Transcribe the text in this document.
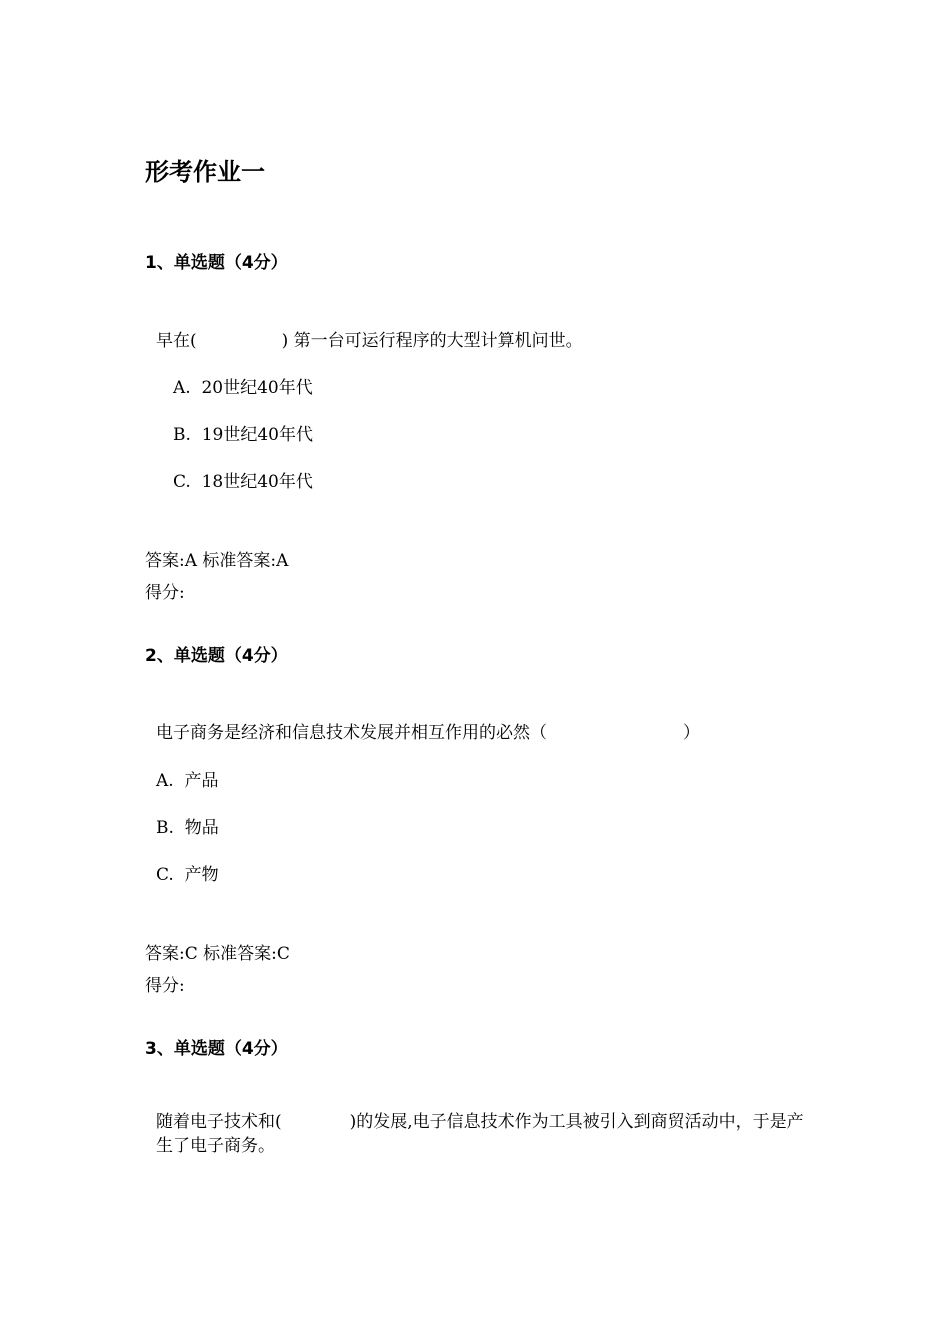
形考作业一
1、单选题（4分）
早在(　　　　　) 第一台可运行程序的大型计算机问世。
A.  20世纪40年代
B.  19世纪40年代
C.  18世纪40年代
答案:A 标准答案:A
得分:
2、单选题（4分）
电子商务是经济和信息技术发展并相互作用的必然（　　　　　　　　）
A.  产品
B.  物品
C.  产物
答案:C 标准答案:C
得分:
3、单选题（4分）
随着电子技术和(　　　　)的发展,电子信息技术作为工具被引入到商贸活动中，于是产生了电子商务。
